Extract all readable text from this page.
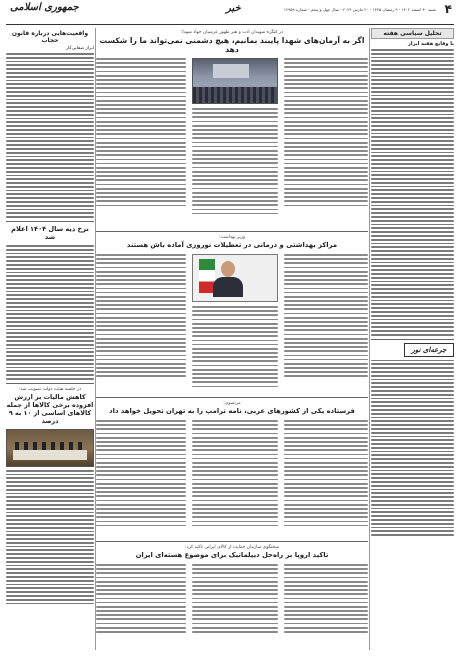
۴
شنبه ۳۰ اسفند ۱۴۰۲ - ۹ رمضان ۱۴۴۵ - ۲۰ مارس ۲۰۲۴ - سال چهل و پنجم - شماره ۱۲۹۵۹
خبر
جمهوری اسلامی
تحلیل سیاسی هفته
با وقایع هفته ابراز
جرعه‌ای نور
در کنگره شهیدان ادب و هنر ظهور عرشیان جهاد شهدا:
اگر به آرمان‌های شهدا پایبند بمانیم، هیچ دشمنی نمی‌تواند ما را شکست دهد
وزیر بهداشت:
مراکز بهداشتی و درمانی در تعطیلات نوروزی آماده باش هستند
مرتضوی:
فرستاده یکی از کشورهای عربی، نامه ترامپ را به تهران تحویل خواهد داد
سخنگوی سازمان حمایت از کالای ایرانی تاکید کرد:
تاکید اروپا بر راه‌حل دیپلماتیک برای موضوع هسته‌ای ایران
واقعیت‌هایی درباره قانون حجاب
ابراز صفایی‌کار
نرخ دیه سال ۱۴۰۴ اعلام شد
در جلسه هیئت دولت تصویب شد:
کاهش مالیات بر ارزش افزوده برخی کالاها از جمله کالاهای اساسی از ۱۰ به ۹ درصد
